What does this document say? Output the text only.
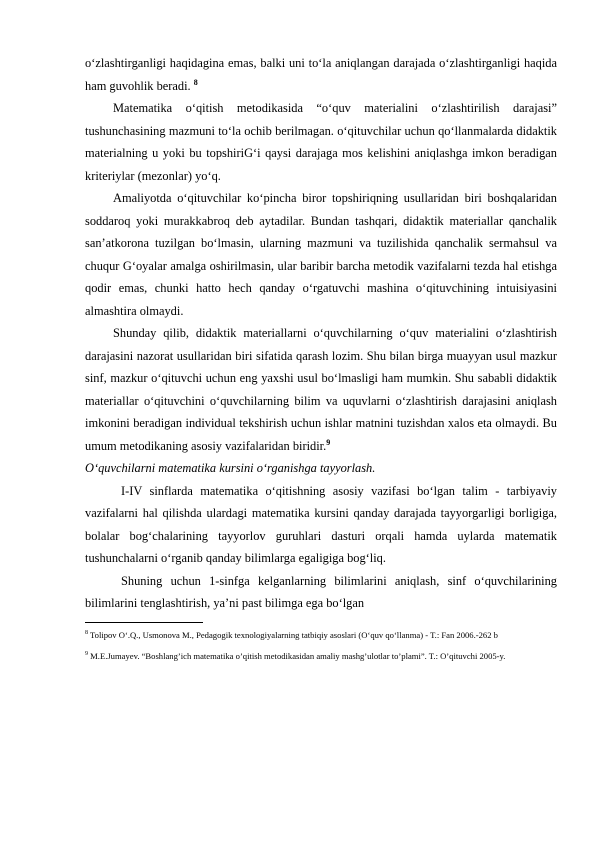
o‘zlashtirganligi haqidagina emas, balki uni to‘la aniqlangan darajada o‘zlashtirganligi haqida ham guvohlik beradi. $^8$

Matematika o‘qitish metodikasida “o‘quv materialini o‘zlashtirilish darajasi” tushunchasining mazmuni to‘la ochib berilmagan. o‘qituvchilar uchun qo‘llanmalarda didaktik materialning u yoki bu topshiriG‘i qaysi darajaga mos kelishini aniqlashga imkon beradigan kriteriylar (mezonlar) yo‘q.

Amaliyotda o‘qituvchilar ko‘pincha biror topshiriqning usullaridan biri boshqalaridan soddaroq yoki murakkabroq deb aytadilar. Bundan tashqari, didaktik materiallar qanchalik san’atkorona tuzilgan bo‘lmasin, ularning mazmuni va tuzilishida qanchalik sermahsul va chuqur G‘oyalar amalga oshirilmasin, ular baribir barcha metodik vazifalarni tezda hal etishga qodir emas, chunki hatto hech qanday o‘rgatuvchi mashina o‘qituvchining intuisiyasini almashtira olmaydi.

Shunday qilib, didaktik materiallarni o‘quvchilarning o‘quv materialini o‘zlashtirish darajasini nazorat usullaridan biri sifatida qarash lozim. Shu bilan birga muayyan usul mazkur sinf, mazkur o‘qituvchi uchun eng yaxshi usul bo‘lmasligi ham mumkin. Shu sababli didaktik materiallar o‘qituvchini o‘quvchilarning bilim va uquvlarni o‘zlashtirish darajasini aniqlash imkonini beradigan individual tekshirish uchun ishlar matnini tuzishdan xalos eta olmaydi. Bu umum metodikaning asosiy vazifalaridan biridir.$^9$

O‘quvchilarni matematika kursini o‘rganishga tayyorlash.

I-IV sinflarda matematika o‘qitishning asosiy vazifasi bo‘lgan talim - tarbiyaviy vazifalarni hal qilishda ulardagi matematika kursini qanday darajada tayyorgarligi borligiga, bolalar bog‘chalarining tayyorlov guruhlari dasturi orqali hamda uylarda matematik tushunchalarni o‘rganib qanday bilimlarga egaligiga bog‘liq.

Shuning uchun 1-sinfga kelganlarning bilimlarini aniqlash, sinf o‘quvchilarining bilimlarini tenglashtirish, ya’ni past bilimga ega bo‘lgan

$^8$ Tolipov O‘.Q., Usmonova M., Pedagogik texnologiyalarning tatbiqiy asoslari (O‘quv qo‘llanma) - T.: Fan 2006.-262 b

$^9$ M.E.Jumayev. “Boshlang’ich matematika o’qitish metodikasidan amaliy mashg’ulotlar to’plami”. T.: O’qituvchi 2005-y.
